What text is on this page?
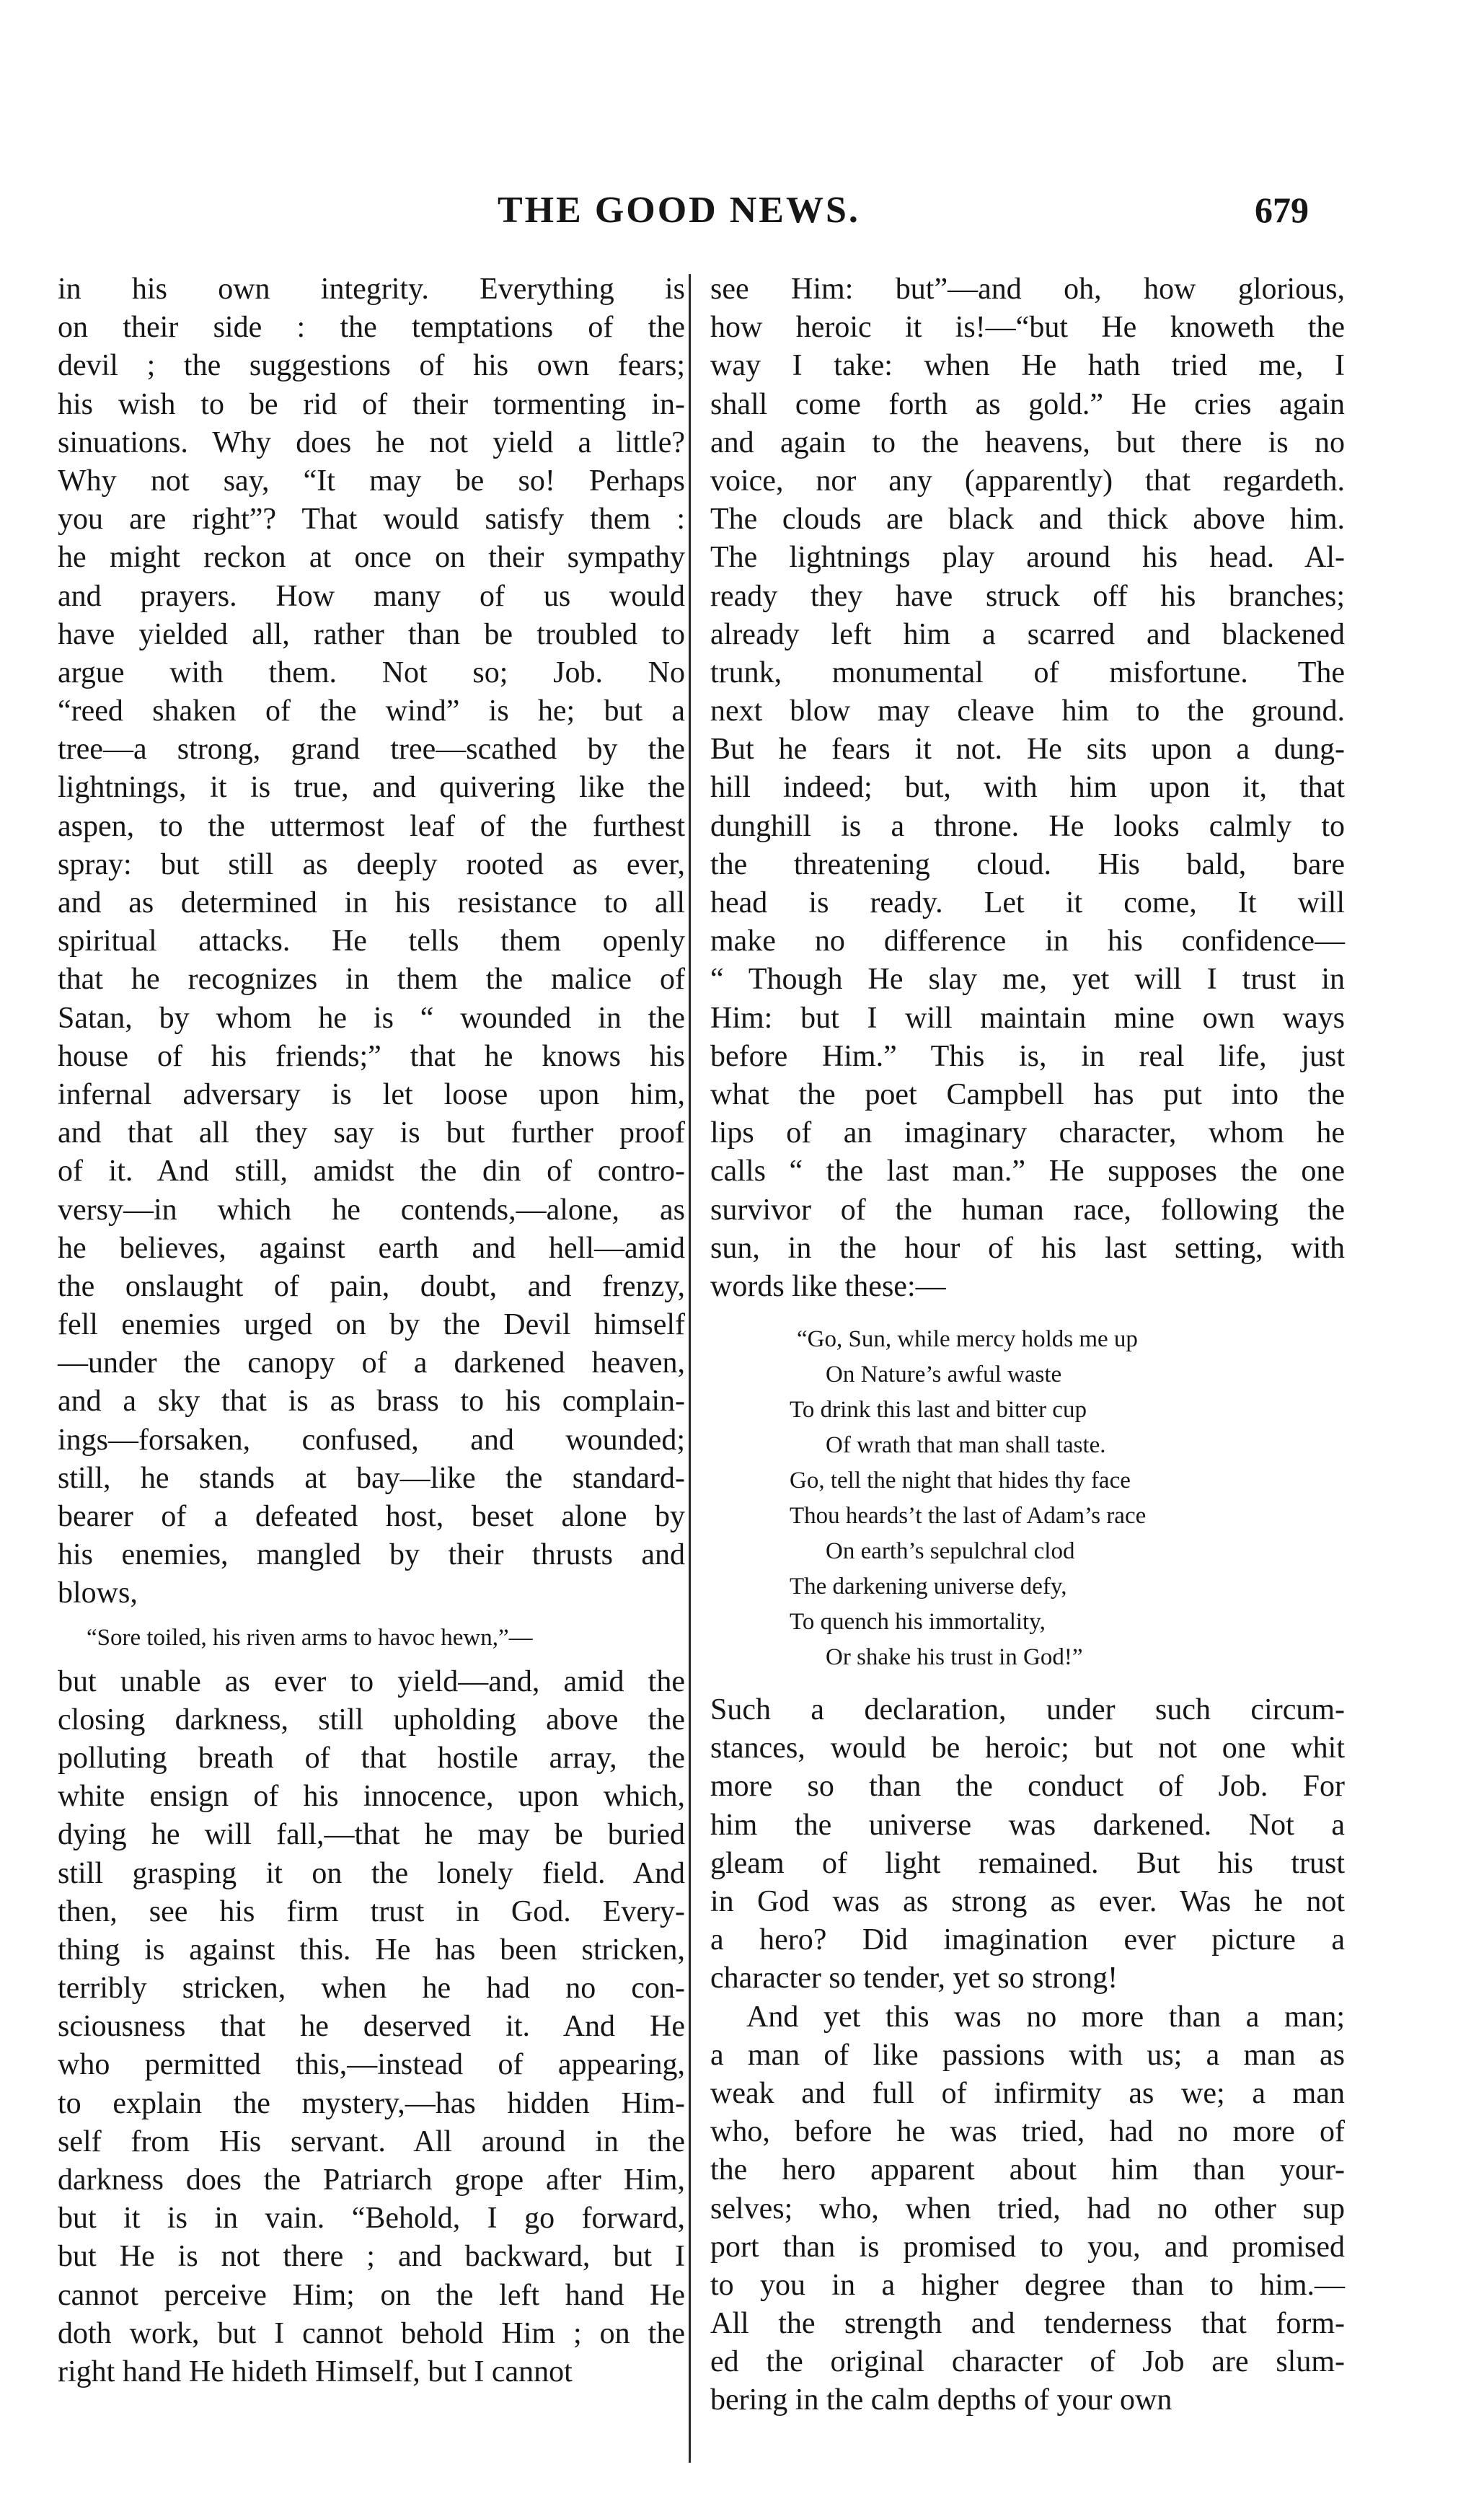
THE GOOD NEWS.	679
in his own integrity. Everything is
on their side : the temptations of the
devil ; the suggestions of his own fears;
his wish to be rid of their tormenting in-
sinuations. Why does he not yield a little?
Why not say, “It may be so! Perhaps
you are right”? That would satisfy them :
he might reckon at once on their sympathy
and prayers. How many of us would
have yielded all, rather than be troubled to
argue with them. Not so; Job. No
“reed shaken of the wind” is he; but a
tree—a strong, grand tree—scathed by the
lightnings, it is true, and quivering like the
aspen, to the uttermost leaf of the furthest
spray: but still as deeply rooted as ever,
and as determined in his resistance to all
spiritual attacks. He tells them openly
that he recognizes in them the malice of
Satan, by whom he is “ wounded in the
house of his friends;” that he knows his
infernal adversary is let loose upon him,
and that all they say is but further proof
of it. And still, amidst the din of contro-
versy—in which he contends,—alone, as
he believes, against earth and hell—amid
the onslaught of pain, doubt, and frenzy,
fell enemies urged on by the Devil himself
—under the canopy of a darkened heaven,
and a sky that is as brass to his complain-
ings—forsaken, confused, and wounded;
still, he stands at bay—like the standard-
bearer of a defeated host, beset alone by
his enemies, mangled by their thrusts and
blows,
“Sore toiled, his riven arms to havoc hewn,”—
but unable as ever to yield—and, amid the
closing darkness, still upholding above the
polluting breath of that hostile array, the
white ensign of his innocence, upon which,
dying he will fall,—that he may be buried
still grasping it on the lonely field. And
then, see his firm trust in God. Every-
thing is against this. He has been stricken,
terribly stricken, when he had no con-
sciousness that he deserved it. And He
who permitted this,—instead of appearing,
to explain the mystery,—has hidden Him-
self from His servant. All around in the
darkness does the Patriarch grope after Him,
but it is in vain. “Behold, I go forward,
but He is not there ; and backward, but I
cannot perceive Him; on the left hand He
doth work, but I cannot behold Him ; on the
right hand He hideth Himself, but I cannot
see Him: but”—and oh, how glorious,
how heroic it is!—“but He knoweth the
way I take: when He hath tried me, I
shall come forth as gold.” He cries again
and again to the heavens, but there is no
voice, nor any (apparently) that regardeth.
The clouds are black and thick above him.
The lightnings play around his head. Al-
ready they have struck off his branches;
already left him a scarred and blackened
trunk, monumental of misfortune. The
next blow may cleave him to the ground.
But he fears it not. He sits upon a dung-
hill indeed; but, with him upon it, that
dunghill is a throne. He looks calmly to
the threatening cloud. His bald, bare
head is ready. Let it come, It will
make no difference in his confidence—
“ Though He slay me, yet will I trust in
Him: but I will maintain mine own ways
before Him.” This is, in real life, just
what the poet Campbell has put into the
lips of an imaginary character, whom he
calls “ the last man.” He supposes the one
survivor of the human race, following the
sun, in the hour of his last setting, with
words like these:—
“Go, Sun, while mercy holds me up
On Nature’s awful waste
To drink this last and bitter cup
Of wrath that man shall taste.
Go, tell the night that hides thy face
Thou heards’t the last of Adam’s race
On earth’s sepulchral clod
The darkening universe defy,
To quench his immortality,
Or shake his trust in God!”
Such a declaration, under such circum-
stances, would be heroic; but not one whit
more so than the conduct of Job. For
him the universe was darkened. Not a
gleam of light remained. But his trust
in God was as strong as ever. Was he not
a hero? Did imagination ever picture a
character so tender, yet so strong!
And yet this was no more than a man;
a man of like passions with us; a man as
weak and full of infirmity as we; a man
who, before he was tried, had no more of
the hero apparent about him than your-
selves; who, when tried, had no other sup
port than is promised to you, and promised
to you in a higher degree than to him.—
All the strength and tenderness that form-
ed the original character of Job are slum-
bering in the calm depths of your own
